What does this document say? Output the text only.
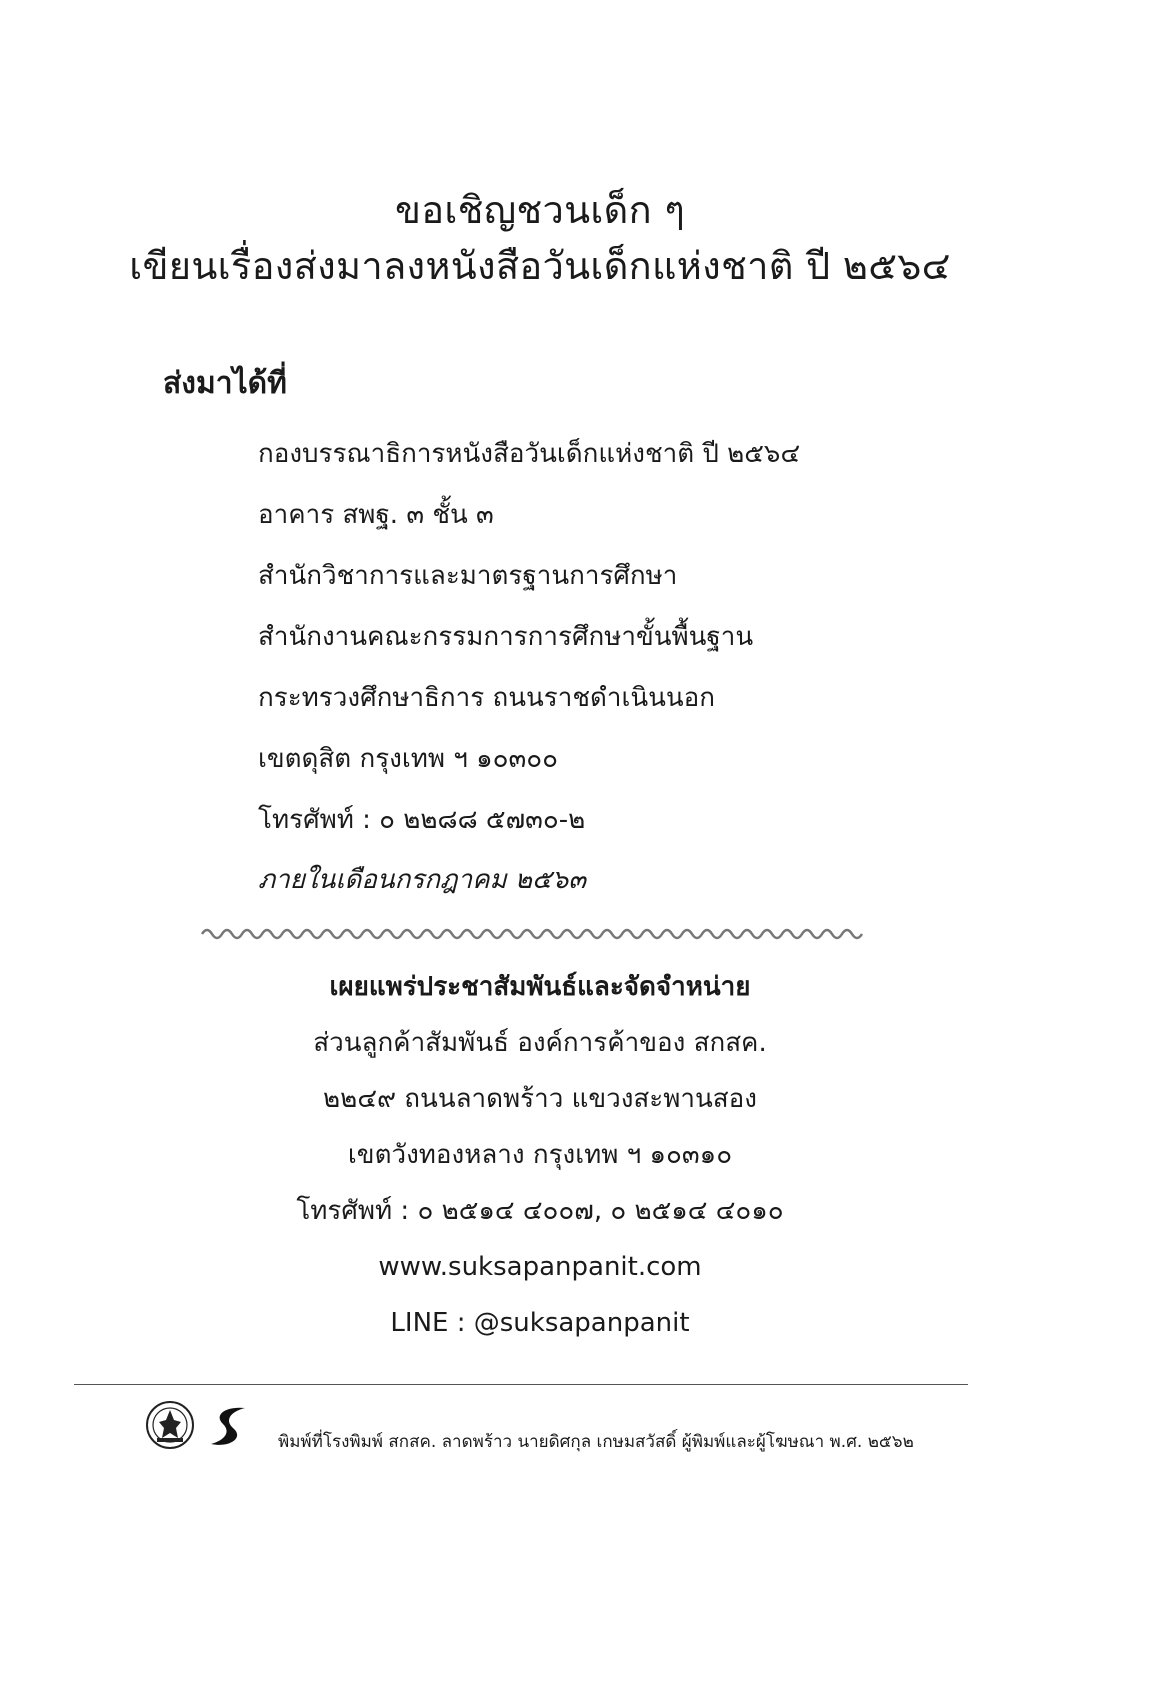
ขอเชิญชวนเด็ก ๆ
เขียนเรื่องส่งมาลงหนังสือวันเด็กแห่งชาติ ปี ๒๕๖๔
ส่งมาได้ที่
กองบรรณาธิการหนังสือวันเด็กแห่งชาติ ปี ๒๕๖๔
อาคาร สพฐ. ๓ ชั้น ๓
สำนักวิชาการและมาตรฐานการศึกษา
สำนักงานคณะกรรมการการศึกษาขั้นพื้นฐาน
กระทรวงศึกษาธิการ ถนนราชดำเนินนอก
เขตดุสิต กรุงเทพ ฯ ๑๐๓๐๐
โทรศัพท์ : ๐ ๒๒๘๘ ๕๗๓๐-๒
ภายในเดือนกรกฎาคม ๒๕๖๓
เผยแพร่ประชาสัมพันธ์และจัดจำหน่าย
ส่วนลูกค้าสัมพันธ์ องค์การค้าของ สกสค.
๒๒๔๙ ถนนลาดพร้าว แขวงสะพานสอง
เขตวังทองหลาง กรุงเทพ ฯ ๑๐๓๑๐
โทรศัพท์ : ๐ ๒๕๑๔ ๔๐๐๗, ๐ ๒๕๑๔ ๔๐๑๐
www.suksapanpanit.com
LINE : @suksapanpanit
พิมพ์ที่โรงพิมพ์ สกสค. ลาดพร้าว นายดิศกุล เกษมสวัสดิ์ ผู้พิมพ์และผู้โฆษณา พ.ศ. ๒๕๖๒
